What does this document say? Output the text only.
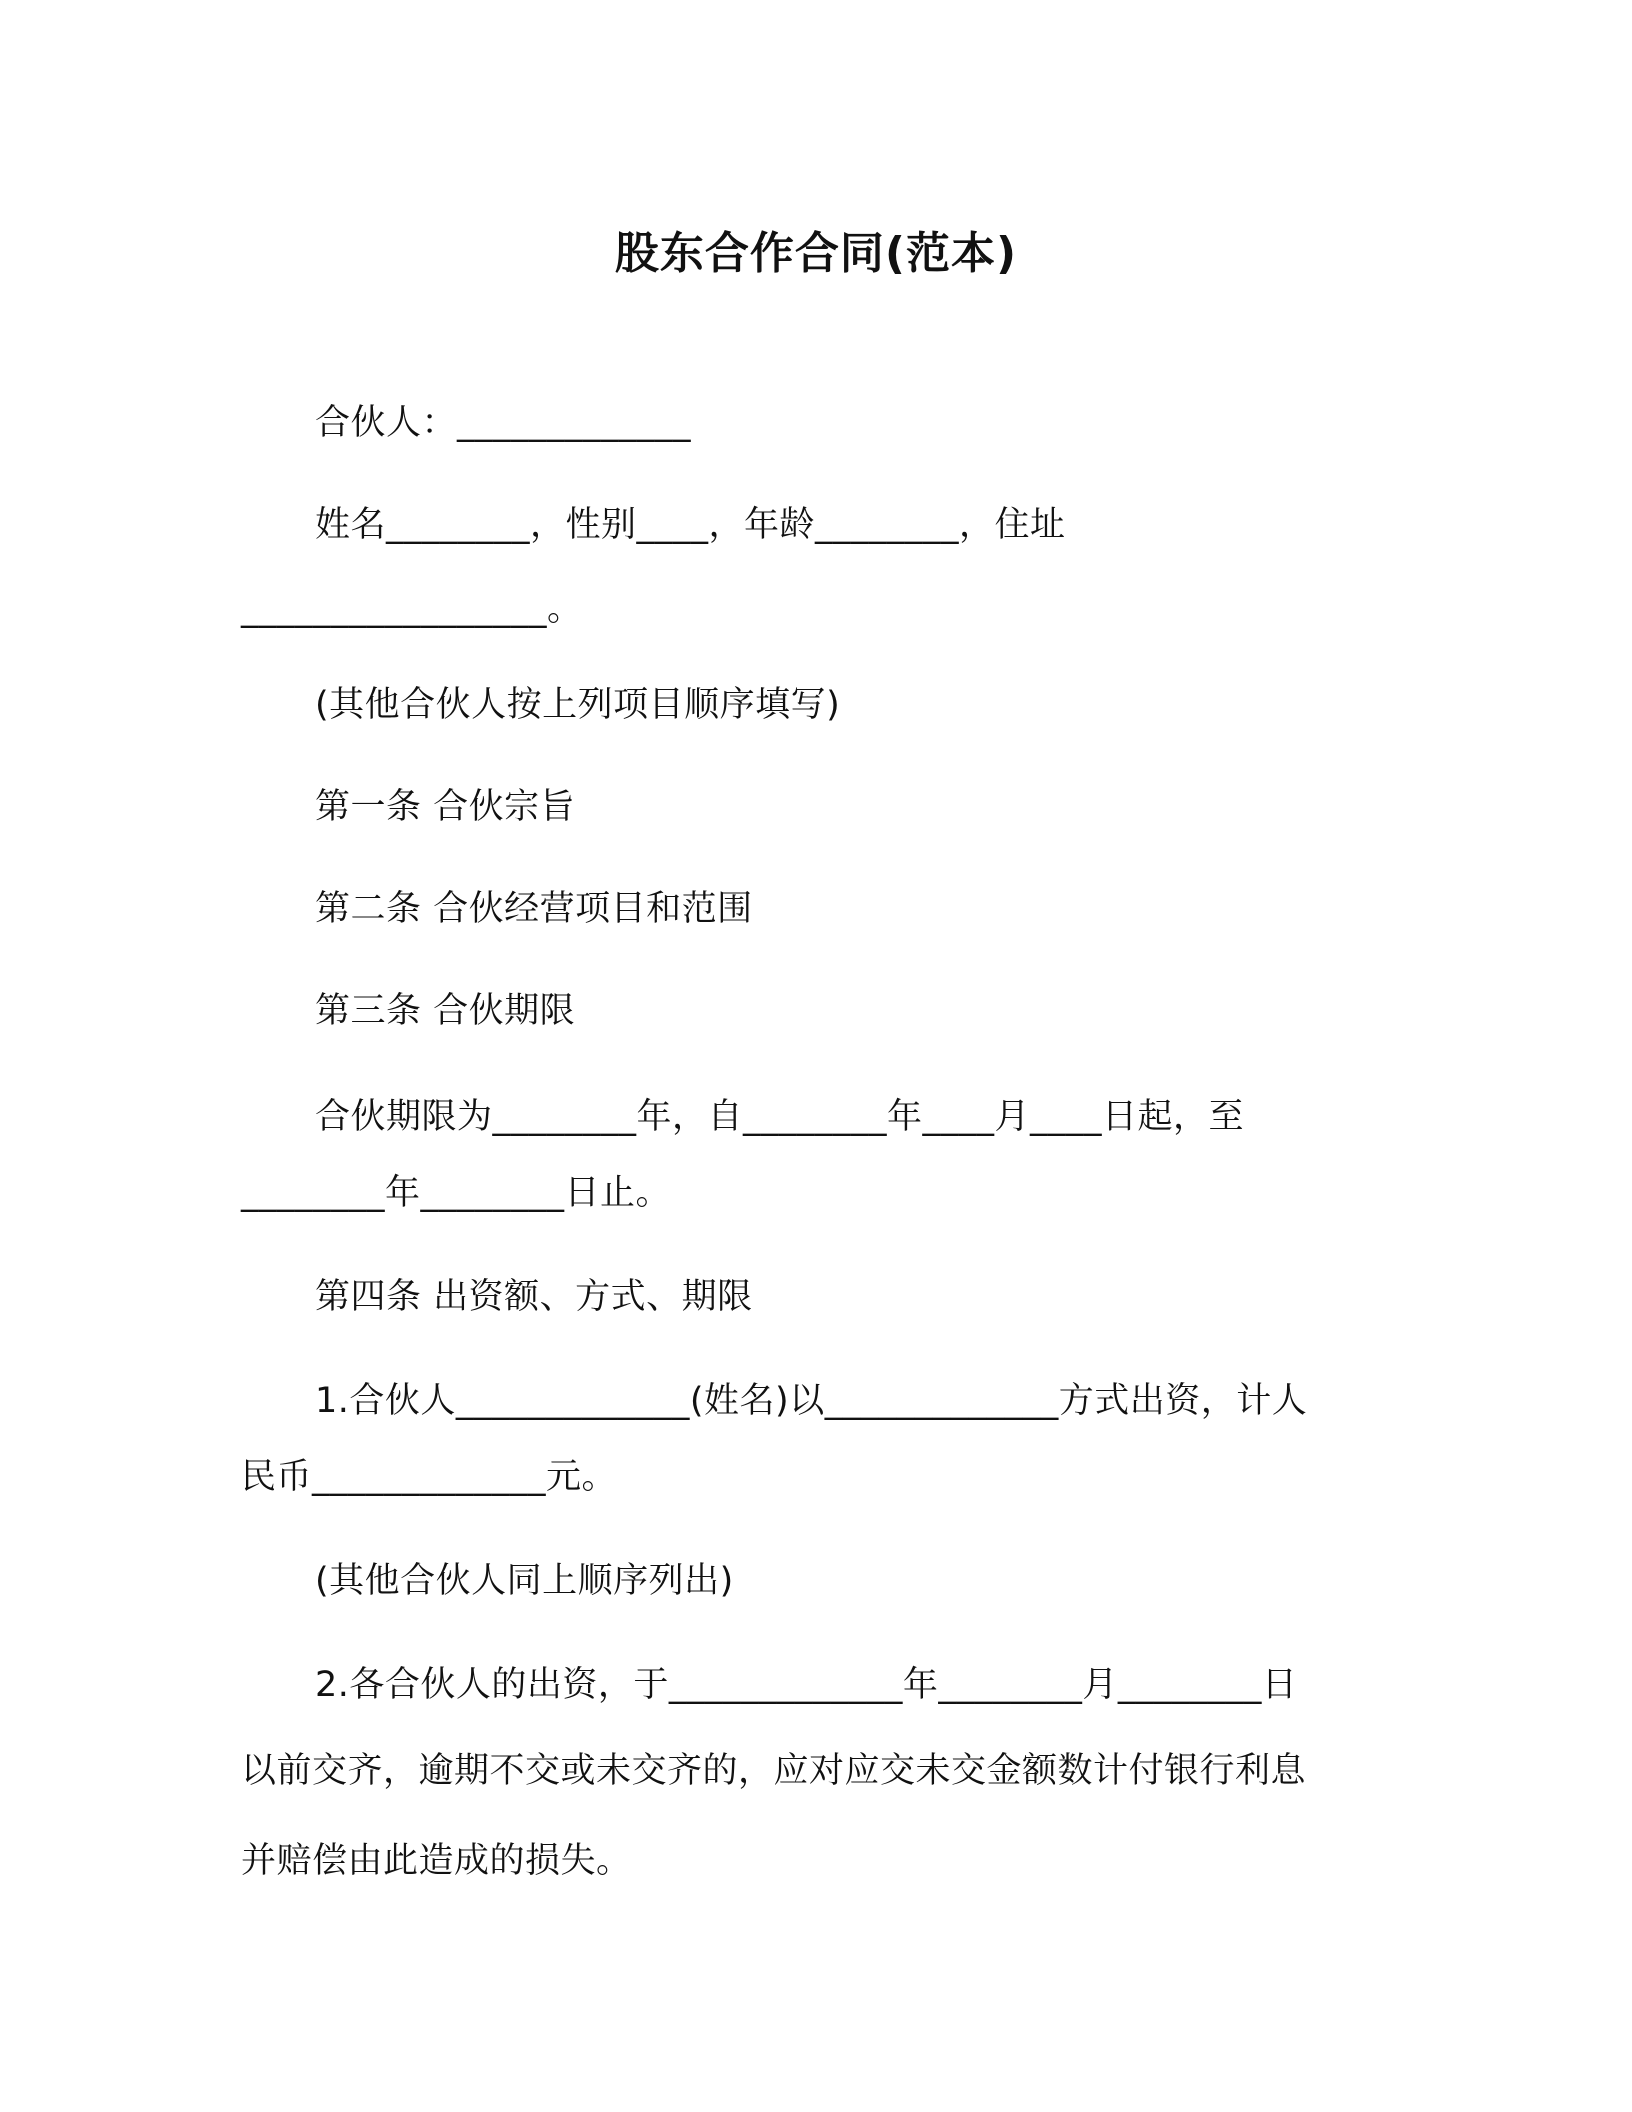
股东合作合同(范本)
合伙人：_____________
姓名________，性别____，年龄________，住址
_________________。
(其他合伙人按上列项目顺序填写)
第一条 合伙宗旨
第二条 合伙经营项目和范围
第三条 合伙期限
合伙期限为________年，自________年____月____日起，至
________年________日止。
第四条 出资额、方式、期限
1.合伙人_____________(姓名)以_____________方式出资，计人
民币_____________元。
(其他合伙人同上顺序列出)
2.各合伙人的出资，于_____________年________月________日
以前交齐，逾期不交或未交齐的，应对应交未交金额数计付银行利息
并赔偿由此造成的损失。
